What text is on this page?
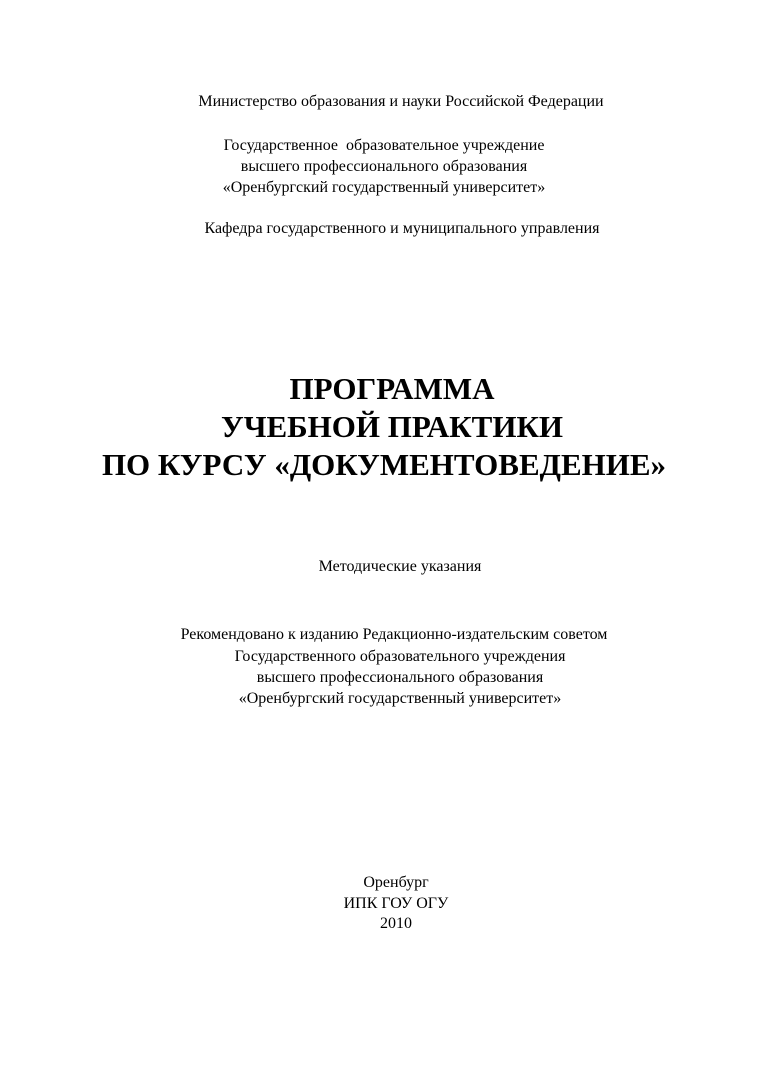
Министерство образования и науки Российской Федерации
Государственное  образовательное учреждение
высшего профессионального образования
«Оренбургский государственный университет»
Кафедра государственного и муниципального управления
ПРОГРАММА
УЧЕБНОЙ ПРАКТИКИ
ПО КУРСУ «ДОКУМЕНТОВЕДЕНИЕ»
Методические указания
Рекомендовано к изданию Редакционно-издательским советом
Государственного образовательного учреждения
высшего профессионального образования
«Оренбургский государственный университет»
Оренбург
ИПК ГОУ ОГУ
2010
